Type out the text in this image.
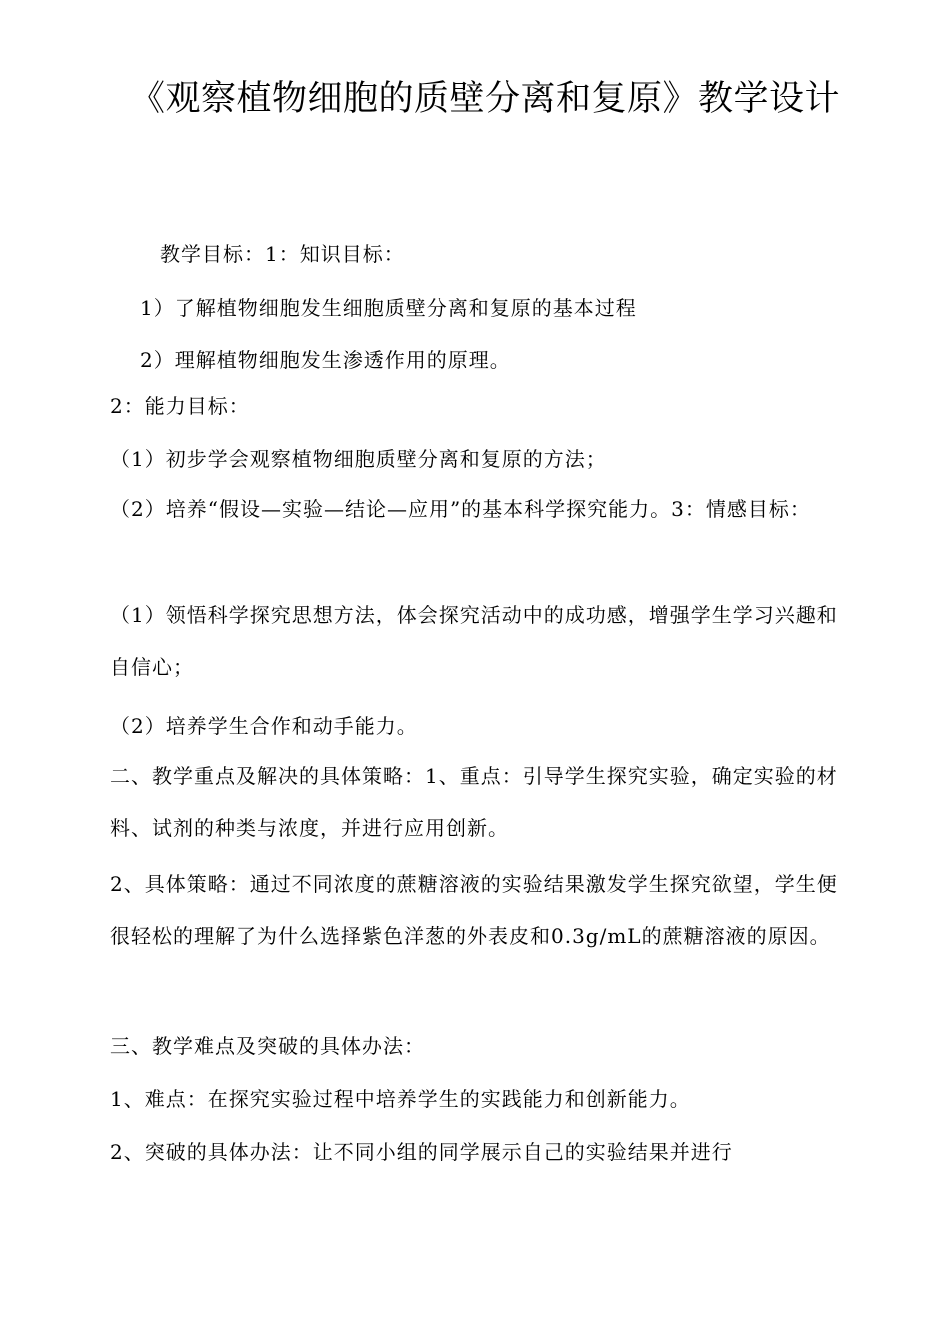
《观察植物细胞的质壁分离和复原》教学设计

教学目标：1：知识目标：

1）了解植物细胞发生细胞质壁分离和复原的基本过程

2）理解植物细胞发生渗透作用的原理。

2：能力目标：

（1）初步学会观察植物细胞质壁分离和复原的方法；

（2）培养“假设—实验—结论—应用”的基本科学探究能力。3：情感目标：

（1）领悟科学探究思想方法，体会探究活动中的成功感，增强学生学习兴趣和自信心；

（2）培养学生合作和动手能力。

二、教学重点及解决的具体策略：1、重点：引导学生探究实验，确定实验的材料、试剂的种类与浓度，并进行应用创新。

2、具体策略：通过不同浓度的蔗糖溶液的实验结果激发学生探究欲望，学生便很轻松的理解了为什么选择紫色洋葱的外表皮和0.3g/mL的蔗糖溶液的原因。

三、教学难点及突破的具体办法：

1、难点：在探究实验过程中培养学生的实践能力和创新能力。

2、突破的具体办法：让不同小组的同学展示自己的实验结果并进行
